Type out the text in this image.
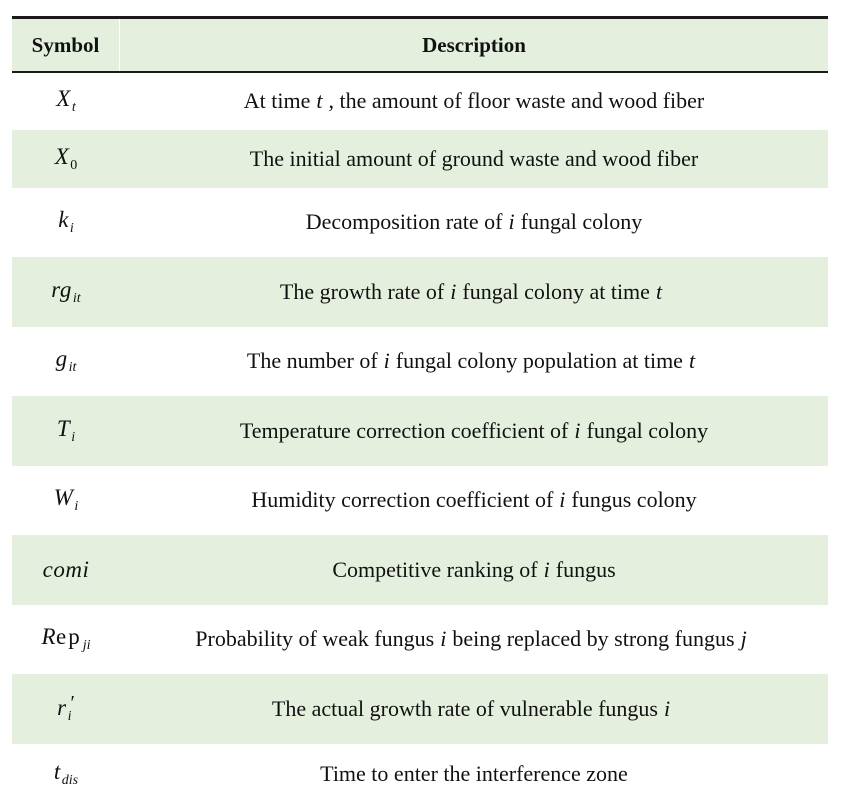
Symbol	Description
$X_t$	At time t , the amount of floor waste and wood fiber
$X_0$	The initial amount of ground waste and wood fiber
$k_i$	Decomposition rate of i fungal colony
$rg_{it}$	The growth rate of i fungal colony at time t
$g_{it}$	The number of i fungal colony population at time t
$T_i$	Temperature correction coefficient of i fungal colony
$W_i$	Humidity correction coefficient of i fungus colony
comi	Competitive ranking of i fungus
Rep$_{ji}$	Probability of weak fungus i being replaced by strong fungus j
$r_i'$	The actual growth rate of vulnerable fungus i
$t_{dis}$	Time to enter the interference zone
